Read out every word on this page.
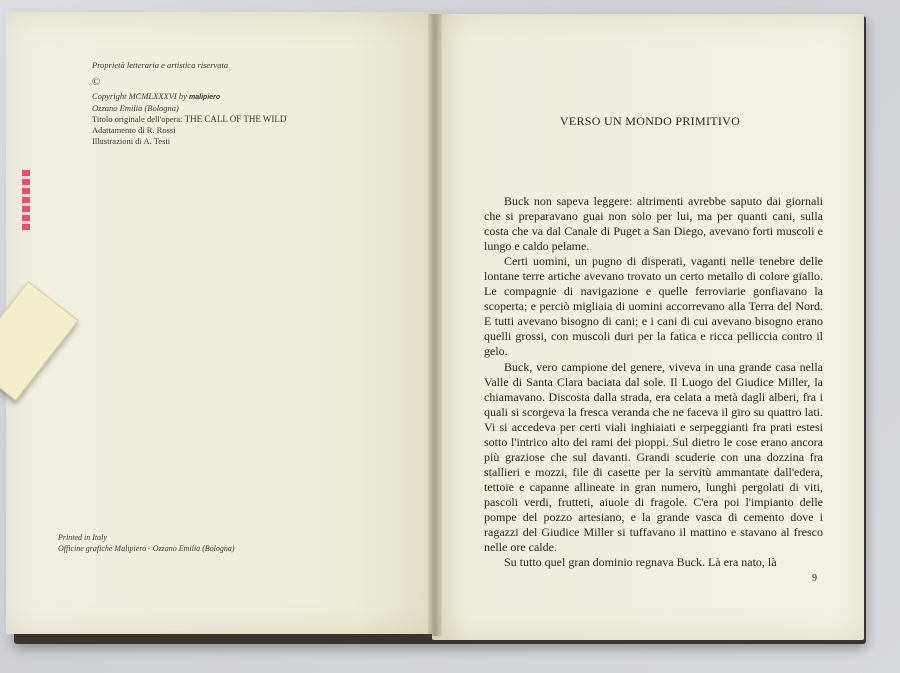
Proprietà letteraria e artistica riservata
©
Copyright MCMLXXXVI by malipiero
Ozzano Emilia (Bologna)
Titolo originale dell'opera: THE CALL OF THE WILD
Adattamento di R. Rossi
Illustrazioni di A. Testi
Printed in Italy
Officine grafiche Malipiero - Ozzano Emilia (Bologna)
VERSO UN MONDO PRIMITIVO

Buck non sapeva leggere: altrimenti avrebbe saputo dai giornali che si preparavano guai non solo per lui, ma per quanti cani, sulla costa che va dal Canale di Puget a San Diego, avevano forti muscoli e lungo e caldo pelame.

Certi uomini, un pugno di disperati, vaganti nelle tenebre delle lontane terre artiche avevano trovato un certo metallo di colore giallo. Le compagnie di navigazione e quelle ferroviarie gonfiavano la scoperta; e perciò migliaia di uomini accorrevano alla Terra del Nord. E tutti avevano bisogno di cani; e i cani di cui avevano bisogno erano quelli grossi, con muscoli duri per la fatica e ricca pelliccia contro il gelo.

Buck, vero campione del genere, viveva in una grande casa nella Valle di Santa Clara baciata dal sole. Il Luogo del Giudice Miller, la chiamavano. Discosta dalla strada, era celata a metà dagli alberi, fra i quali si scorgeva la fresca veranda che ne faceva il giro su quattro lati. Vi si accedeva per certi viali inghiaiati e serpeggianti fra prati estesi sotto l'intrico alto dei rami dei pioppi. Sul dietro le cose erano ancora più graziose che sul davanti. Grandi scuderie con una dozzina fra stallieri e mozzi, file di casette per la servitù ammantate dall'edera, tettoie e capanne allineate in gran numero, lunghi pergolati di viti, pascoli verdi, frutteti, aiuole di fragole. C'era poi l'impianto delle pompe del pozzo artesiano, e la grande vasca di cemento dove i ragazzi del Giudice Miller si tuffavano il mattino e stavano al fresco nelle ore calde.

Su tutto quel gran dominio regnava Buck. Là era nato, là

9
